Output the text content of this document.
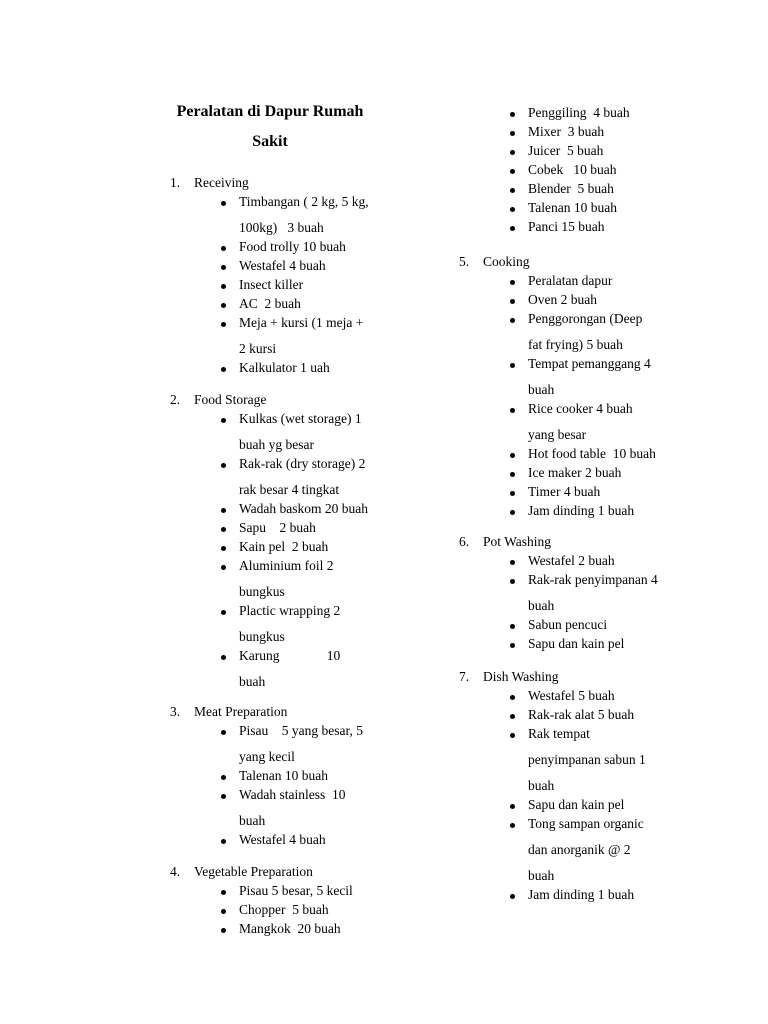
Peralatan di Dapur Rumah
Sakit
1. Receiving
Timbangan ( 2 kg, 5 kg,
100kg)   3 buah
Food trolly 10 buah
Westafel 4 buah
Insect killer
AC  2 buah
Meja + kursi (1 meja +
2 kursi
Kalkulator 1 uah
2. Food Storage
Kulkas (wet storage) 1
buah yg besar
Rak-rak (dry storage) 2
rak besar 4 tingkat
Wadah baskom 20 buah
Sapu    2 buah
Kain pel  2 buah
Aluminium foil 2
bungkus
Plactic wrapping 2
bungkus
Karung              10
buah
3. Meat Preparation
Pisau    5 yang besar, 5
yang kecil
Talenan 10 buah
Wadah stainless  10
buah
Westafel 4 buah
4. Vegetable Preparation
Pisau 5 besar, 5 kecil
Chopper  5 buah
Mangkok  20 buah
Penggiling  4 buah
Mixer  3 buah
Juicer  5 buah
Cobek   10 buah
Blender  5 buah
Talenan 10 buah
Panci 15 buah
5. Cooking
Peralatan dapur
Oven 2 buah
Penggorongan (Deep
fat frying) 5 buah
Tempat pemanggang 4
buah
Rice cooker 4 buah
yang besar
Hot food table  10 buah
Ice maker 2 buah
Timer 4 buah
Jam dinding 1 buah
6. Pot Washing
Westafel 2 buah
Rak-rak penyimpanan 4
buah
Sabun pencuci
Sapu dan kain pel
7. Dish Washing
Westafel 5 buah
Rak-rak alat 5 buah
Rak tempat
penyimpanan sabun 1
buah
Sapu dan kain pel
Tong sampan organic
dan anorganik @ 2
buah
Jam dinding 1 buah
